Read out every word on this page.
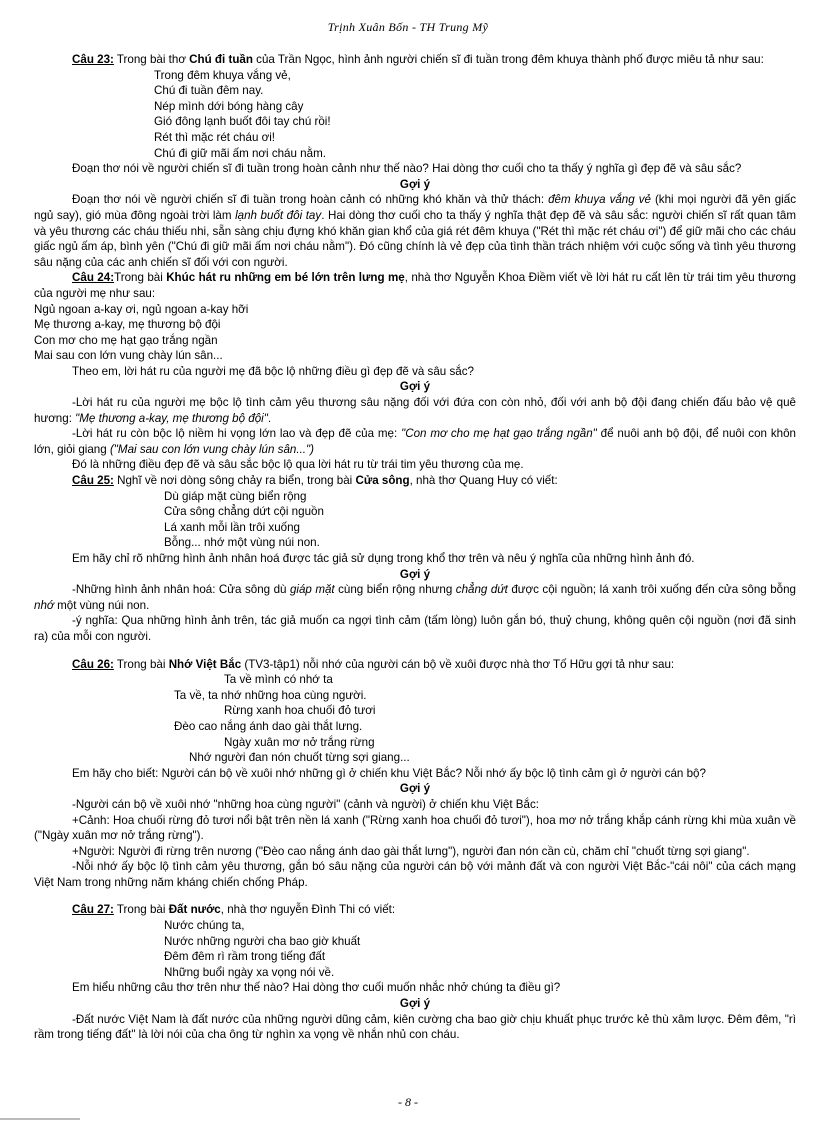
Trịnh Xuân Bốn - TH Trung Mỹ

Câu 23: Trong bài thơ Chú đi tuần của Trần Ngọc, hình ảnh người chiến sĩ đi tuần trong đêm khuya thành phố được miêu tả như sau:

Trong đêm khuya vắng vẻ,

Chú đi tuần đêm nay.

Nép mình dới bóng hàng cây

Gió đông lạnh buốt đôi tay chú rồi!

Rét thì mặc rét cháu ơi!

Chú đi giữ mãi ấm nơi cháu nằm.

Đoạn thơ nói về người chiến sĩ đi tuần trong hoàn cảnh như thế nào? Hai dòng thơ cuối cho ta thấy ý nghĩa gì đẹp đẽ và sâu sắc?

Gợi ý

Đoạn thơ nói về người chiến sĩ đi tuần trong hoàn cảnh có những khó khăn và thử thách: đêm khuya vắng vẻ (khi mọi người đã yên giấc ngủ say), gió mùa đông ngoài trời làm lạnh buốt đôi tay. Hai dòng thơ cuối cho ta thấy ý nghĩa thật đẹp đẽ và sâu sắc: người chiến sĩ rất quan tâm và yêu thương các cháu thiếu nhi, sẵn sàng chịu đựng khó khăn gian khổ của giá rét đêm khuya ("Rét thì mặc rét cháu ơi") để giữ mãi cho các cháu giấc ngủ ấm áp, bình yên ("Chú đi giữ mãi ấm nơi cháu nằm"). Đó cũng chính là vẻ đẹp của tình thần trách nhiệm với cuộc sống và tình yêu thương sâu nặng của các anh chiến sĩ đối với con người.

Câu 24:Trong bài Khúc hát ru những em bé lớn trên lưng mẹ, nhà thơ Nguyễn Khoa Điềm viết về lời hát ru cất lên từ trái tim yêu thương của người mẹ như sau:

Ngủ ngoan a-kay ơi, ngủ ngoan a-kay hỡi

Mẹ thương a-kay, mẹ thương bộ đội

Con mơ cho mẹ hạt gạo trắng ngần

Mai sau con lớn vung chày lún sân...

Theo em, lời hát ru của người mẹ đã bộc lộ những điều gì đẹp đẽ và sâu sắc?

Gợi ý

-Lời hát ru của người mẹ bộc lộ tình cảm yêu thương sâu nặng đối với đứa con còn nhỏ, đối với anh bộ đội đang chiến đấu bảo vệ quê hương: "Mẹ thương a-kay, mẹ thương bộ đội".

-Lời hát ru còn bộc lộ niềm hi vọng lớn lao và đẹp đẽ của mẹ: "Con mơ cho mẹ hạt gạo trắng ngần" để nuôi anh bộ đội, để nuôi con khôn lớn, giỏi giang ("Mai sau con lớn vung chày lún sân...")

Đó là những điều đẹp đẽ và sâu sắc bộc lộ qua lời hát ru từ trái tim yêu thương của mẹ.

Câu 25: Nghĩ về nơi dòng sông chảy ra biển, trong bài Cửa sông, nhà thơ Quang Huy có viết:

Dù giáp mặt cùng biển rộng

Cửa sông chẳng dứt cội nguồn

Lá xanh mỗi lần trôi xuống

Bỗng... nhớ một vùng núi non.

Em hãy chỉ rõ những hình ảnh nhân hoá được tác giả sử dụng trong khổ thơ trên và nêu ý nghĩa của những hình ảnh đó.

Gợi ý

-Những hình ảnh nhân hoá: Cửa sông dù giáp mặt cùng biển rộng nhưng chẳng dứt được cội nguồn; lá xanh trôi xuống đến cửa sông bỗng nhớ một vùng núi non.

-ý nghĩa: Qua những hình ảnh trên, tác giả muốn ca ngợi tình cảm (tấm lòng) luôn gắn bó, thuỷ chung, không quên cội nguồn (nơi đã sinh ra) của mỗi con người.

Câu 26: Trong bài Nhớ Việt Bắc (TV3-tập1) nỗi nhớ của người cán bộ về xuôi được nhà thơ Tố Hữu gợi tả như sau:

Ta về mình có nhớ ta

Ta về, ta nhớ những hoa cùng người.

Rừng xanh hoa chuối đỏ tươi

Đèo cao nắng ánh dao gài thắt lưng.

Ngày xuân mơ nở trắng rừng

Nhớ người đan nón chuốt từng sợi giang...

Em hãy cho biết: Người cán bộ về xuôi nhớ những gì ở chiến khu Việt Bắc? Nỗi nhớ ấy bộc lộ tình cảm gì ở người cán bộ?

Gợi ý

-Người cán bộ về xuôi nhớ "những hoa cùng người" (cảnh và người) ở chiến khu Việt Bắc:

+Cảnh: Hoa chuối rừng đỏ tươi nổi bật trên nền lá xanh ("Rừng xanh hoa chuối đỏ tươi"), hoa mơ nở trắng khắp cánh rừng khi mùa xuân về ("Ngày xuân mơ nở trắng rừng").

+Người: Người đi rừng trên nương ("Đèo cao nắng ánh dao gài thắt lưng"), người đan nón cần cù, chăm chỉ "chuốt từng sợi giang".

-Nỗi nhớ ấy bộc lộ tình cảm yêu thương, gắn bó sâu nặng của người cán bộ với mảnh đất và con người Việt Bắc-"cái nôi" của cách mạng Việt Nam trong những năm kháng chiến chống Pháp.

Câu 27: Trong bài Đất nước, nhà thơ nguyễn Đình Thi có viết:

Nước chúng ta,

Nước những người cha bao giờ khuất

Đêm đêm rì rầm trong tiếng đất

Những buổi ngày xa vọng nói về.

Em hiểu những câu thơ trên như thế nào? Hai dòng thơ cuối muốn nhắc nhở chúng ta điều gì?

Gợi ý

-Đất nước Việt Nam là đất nước của những người dũng cảm, kiên cường cha bao giờ chịu khuất phục trước kẻ thù xâm lược. Đêm đêm, "rì rầm trong tiếng đất" là lời nói của cha ông từ nghìn xa vọng về nhắn nhủ con cháu.

- 8 -
